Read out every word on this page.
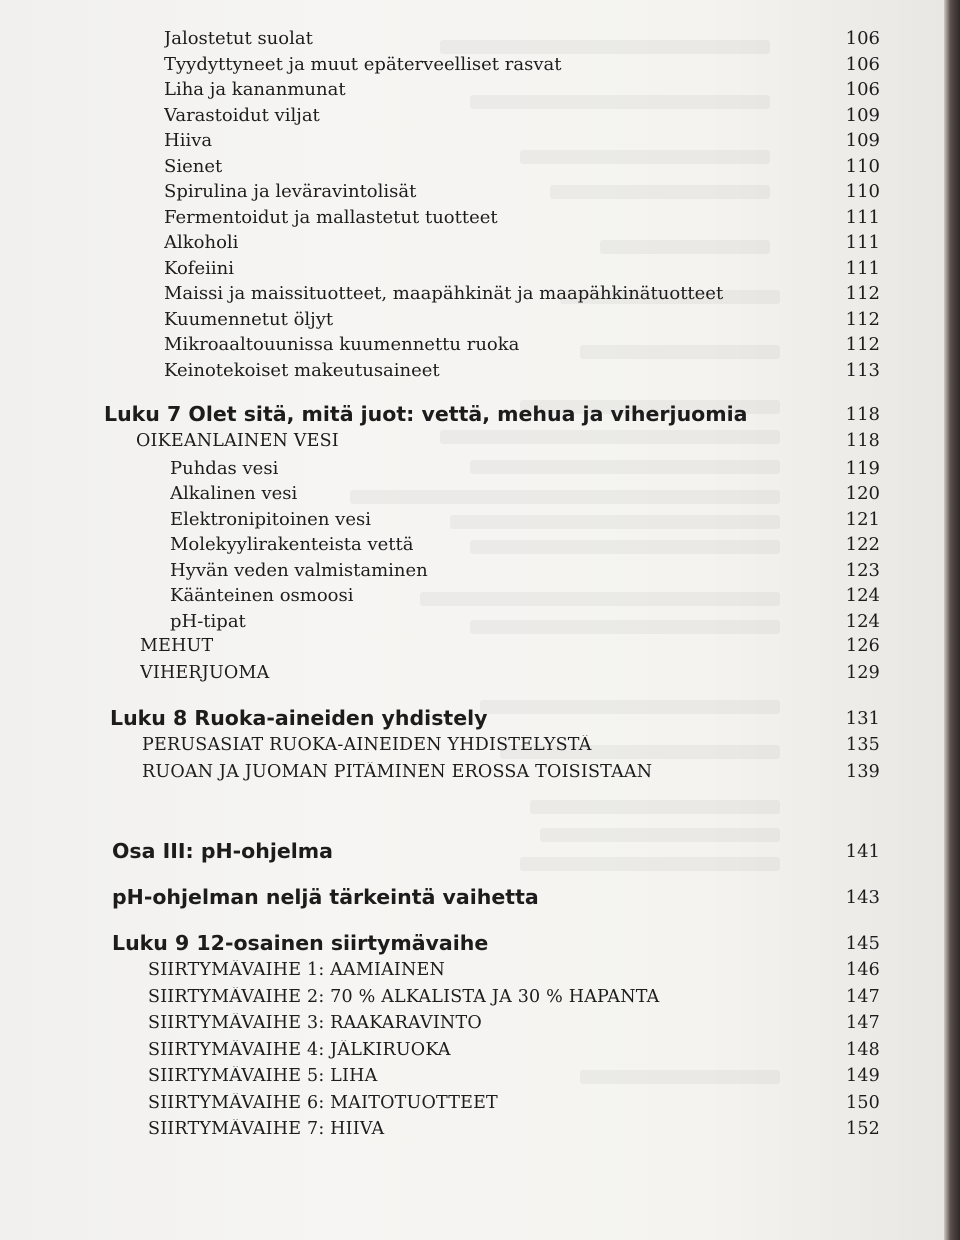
Jalostetut suolat	106
Tyydyttyneet ja muut epäterveelliset rasvat	106
Liha ja kananmunat	106
Varastoidut viljat	109
Hiiva	109
Sienet	110
Spirulina ja leväravintolisät	110
Fermentoidut ja mallastetut tuotteet	111
Alkoholi	111
Kofeiini	111
Maissi ja maissituotteet, maapähkinät ja maapähkinätuotteet	112
Kuumennetut öljyt	112
Mikroaaltouunissa kuumennettu ruoka	112
Keinotekoiset makeutusaineet	113
Luku 7 Olet sitä, mitä juot: vettä, mehua ja viherjuomia	118
OIKEANLAINEN VESI	118
Puhdas vesi	119
Alkalinen vesi	120
Elektronipitoinen vesi	121
Molekyylirakenteista vettä	122
Hyvän veden valmistaminen	123
Käänteinen osmoosi	124
pH-tipat	124
MEHUT	126
VIHERJUOMA	129
Luku 8 Ruoka-aineiden yhdistely	131
PERUSASIAT RUOKA-AINEIDEN YHDISTELYSTÄ	135
RUOAN JA JUOMAN PITÄMINEN EROSSA TOISISTAAN	139
Osa III: pH-ohjelma	141
pH-ohjelman neljä tärkeintä vaihetta	143
Luku 9 12-osainen siirtymävaihe	145
SIIRTYMÄVAIHE 1: AAMIAINEN	146
SIIRTYMÄVAIHE 2: 70 % ALKALISTA JA 30 % HAPANTA	147
SIIRTYMÄVAIHE 3: RAAKARAVINTO	147
SIIRTYMÄVAIHE 4: JÄLKIRUOKA	148
SIIRTYMÄVAIHE 5: LIHA	149
SIIRTYMÄVAIHE 6: MAITOTUOTTEET	150
SIIRTYMÄVAIHE 7: HIIVA	152
